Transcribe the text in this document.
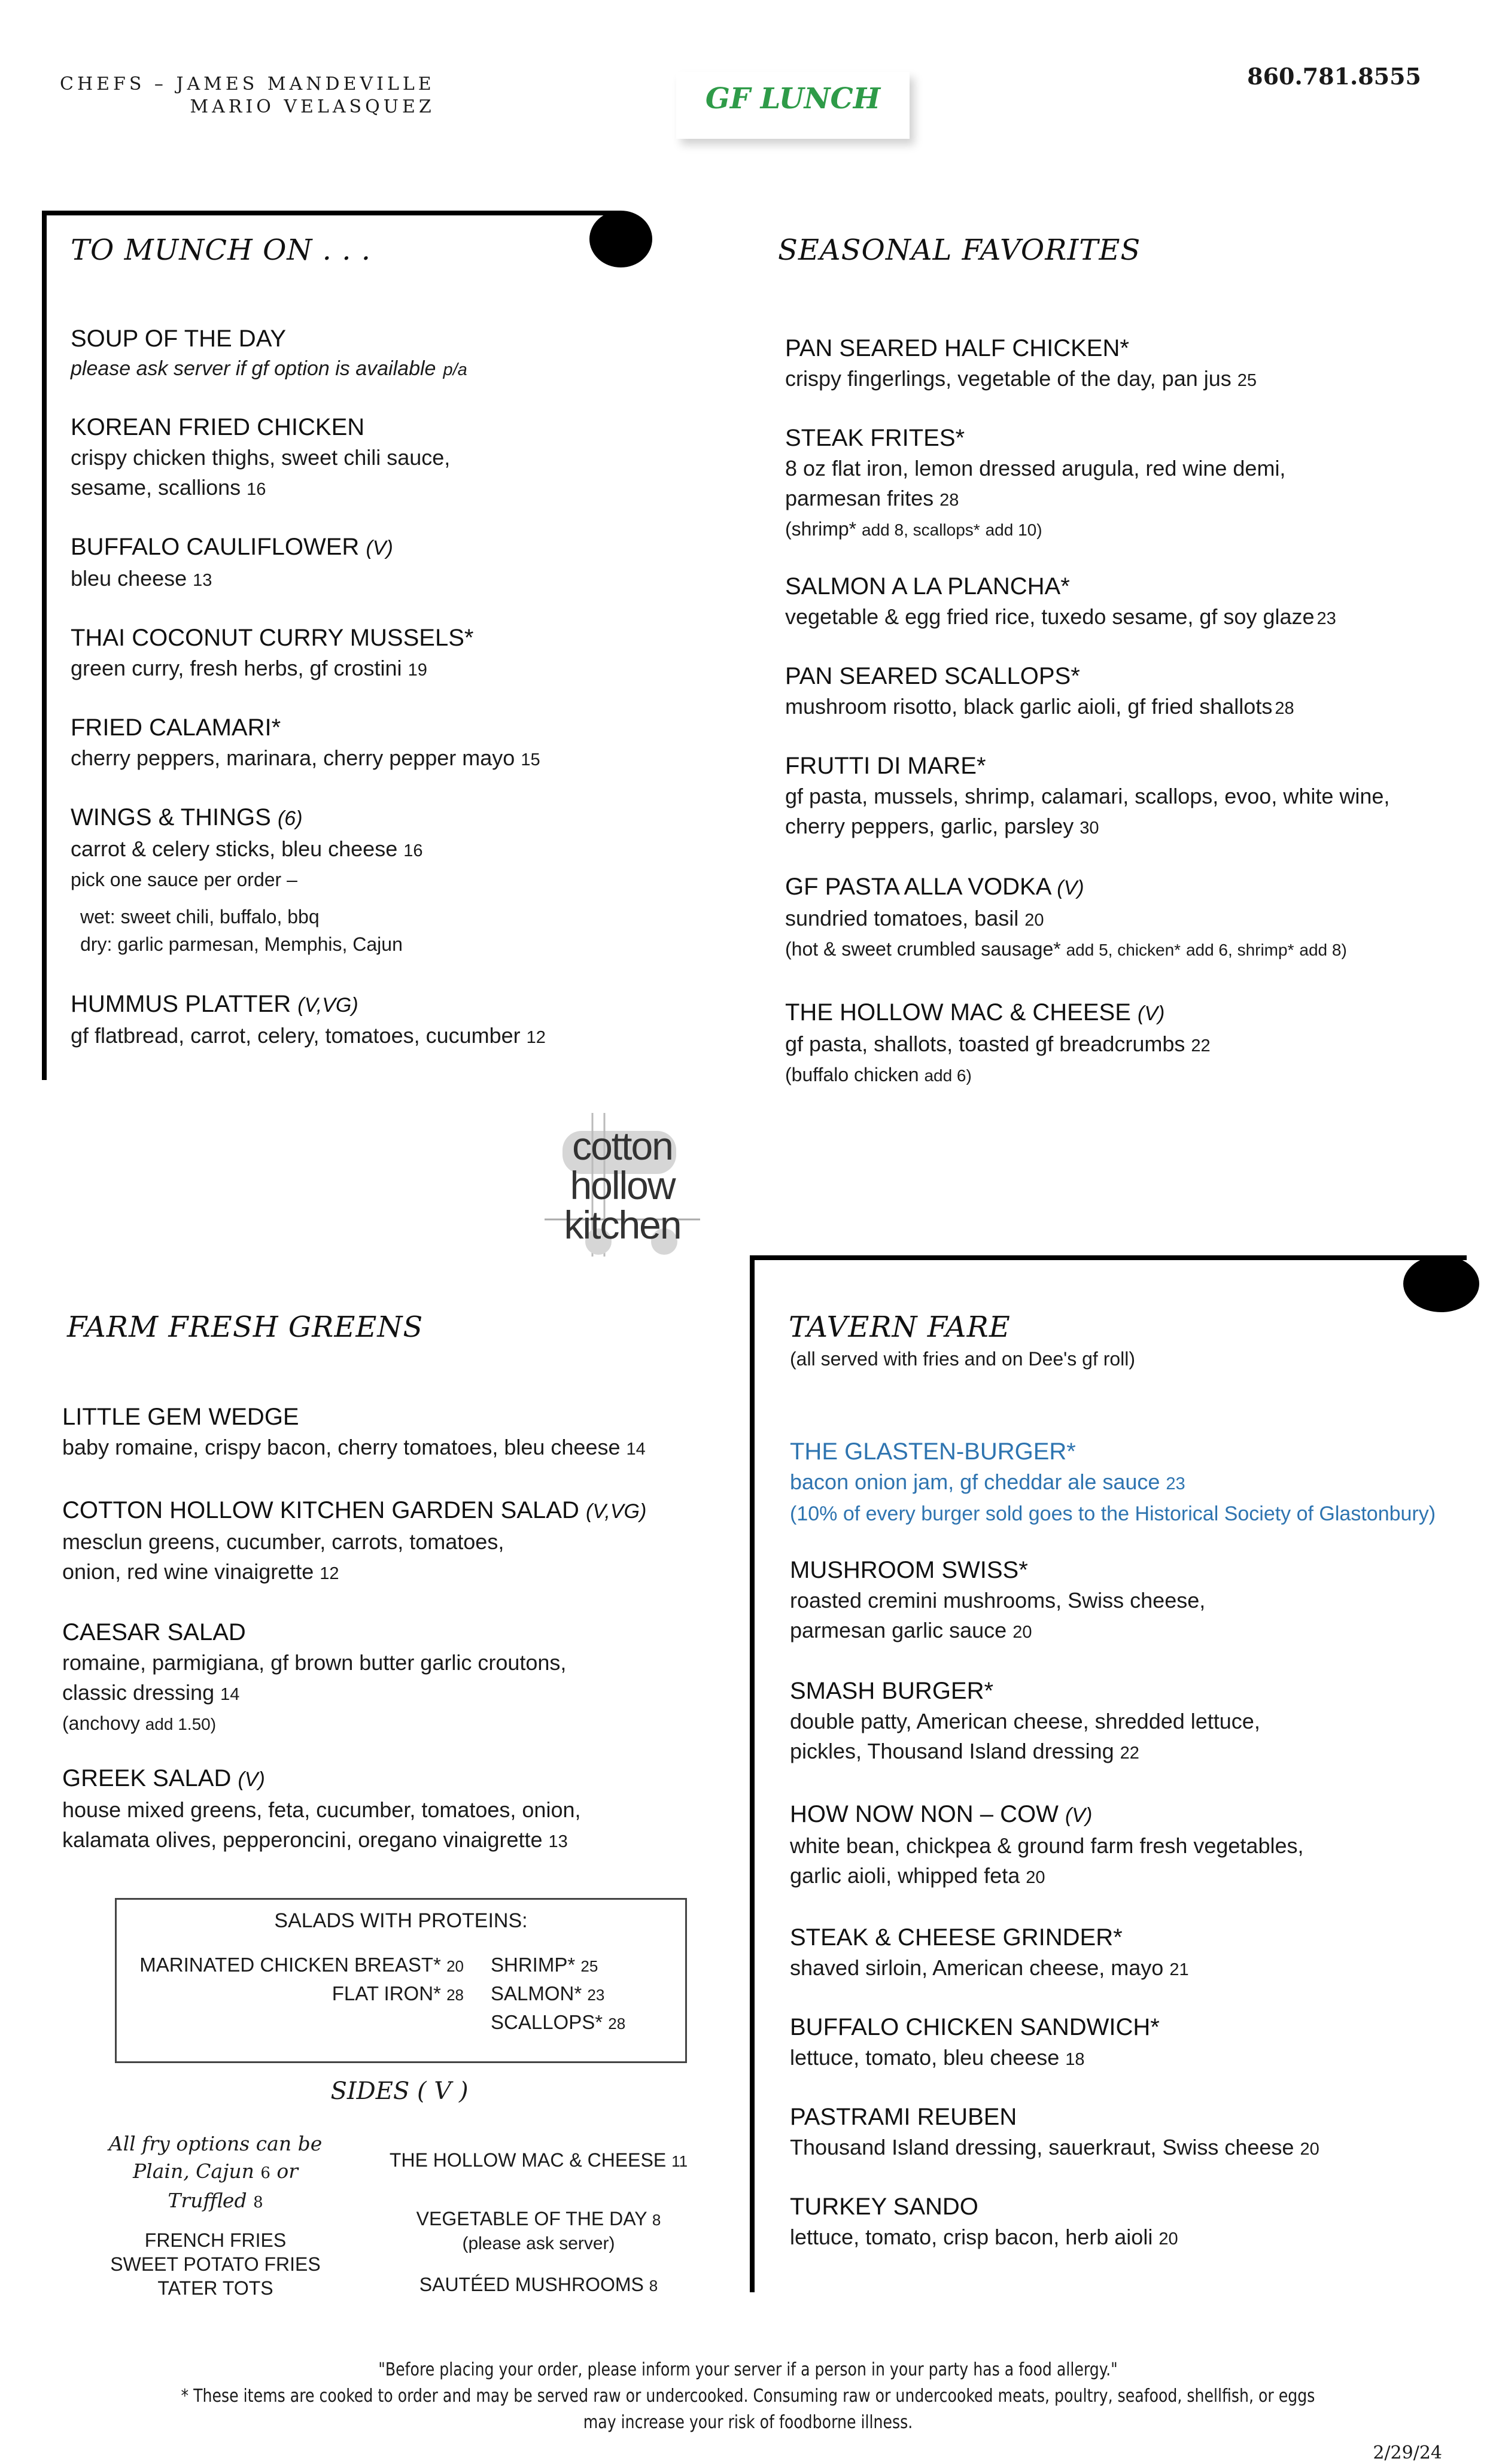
CHEFS – JAMES MANDEVILLE
MARIO VELASQUEZ	GF LUNCH
860.781.8555
TO MUNCH ON . . .
SOUP OF THE DAY
please ask server if gf option is available p/a
KOREAN FRIED CHICKEN
crispy chicken thighs, sweet chili sauce,
sesame, scallions 16
BUFFALO CAULIFLOWER (V)
bleu cheese 13
THAI COCONUT CURRY MUSSELS*
green curry, fresh herbs, gf crostini 19
FRIED CALAMARI*
cherry peppers, marinara, cherry pepper mayo 15
WINGS & THINGS (6)
carrot & celery sticks, bleu cheese 16
pick one sauce per order –
wet: sweet chili, buffalo, bbq
dry: garlic parmesan, Memphis, Cajun
HUMMUS PLATTER (V,VG)
gf flatbread, carrot, celery, tomatoes, cucumber 12
SEASONAL FAVORITES
PAN SEARED HALF CHICKEN*
crispy fingerlings, vegetable of the day, pan jus 25
STEAK FRITES*
8 oz flat iron, lemon dressed arugula, red wine demi,
parmesan frites 28
(shrimp* add 8, scallops* add 10)
SALMON A LA PLANCHA*
vegetable & egg fried rice, tuxedo sesame, gf soy glaze 23
PAN SEARED SCALLOPS*
mushroom risotto, black garlic aioli, gf fried shallots 28
FRUTTI DI MARE*
gf pasta, mussels, shrimp, calamari, scallops, evoo, white wine,
cherry peppers, garlic, parsley 30
GF PASTA ALLA VODKA (V)
sundried tomatoes, basil 20
(hot & sweet crumbled sausage* add 5, chicken* add 6, shrimp* add 8)
THE HOLLOW MAC & CHEESE (V)
gf pasta, shallots, toasted gf breadcrumbs 22
(buffalo chicken add 6)
cotton
hollow
kitchen
FARM FRESH GREENS
LITTLE GEM WEDGE
baby romaine, crispy bacon, cherry tomatoes, bleu cheese 14
COTTON HOLLOW KITCHEN GARDEN SALAD (V,VG)
mesclun greens, cucumber, carrots, tomatoes,
onion, red wine vinaigrette 12
CAESAR SALAD
romaine, parmigiana, gf brown butter garlic croutons,
classic dressing 14
(anchovy add 1.50)
GREEK SALAD (V)
house mixed greens, feta, cucumber, tomatoes, onion,
kalamata olives, pepperoncini, oregano vinaigrette 13
SALADS WITH PROTEINS:
MARINATED CHICKEN BREAST* 20
FLAT IRON* 28
SHRIMP* 25
SALMON* 23
SCALLOPS* 28
SIDES ( V )
All fry options can be
Plain, Cajun 6 or
Truffled 8
FRENCH FRIES
SWEET POTATO FRIES
TATER TOTS
THE HOLLOW MAC & CHEESE 11
VEGETABLE OF THE DAY 8
(please ask server)
SAUTÉED MUSHROOMS 8
TAVERN FARE
(all served with fries and on Dee's gf roll)
THE GLASTEN-BURGER*
bacon onion jam, gf cheddar ale sauce 23
(10% of every burger sold goes to the Historical Society of Glastonbury)
MUSHROOM SWISS*
roasted cremini mushrooms, Swiss cheese,
parmesan garlic sauce 20
SMASH BURGER*
double patty, American cheese, shredded lettuce,
pickles, Thousand Island dressing 22
HOW NOW NON – COW (V)
white bean, chickpea & ground farm fresh vegetables,
garlic aioli, whipped feta 20
STEAK & CHEESE GRINDER*
shaved sirloin, American cheese, mayo 21
BUFFALO CHICKEN SANDWICH*
lettuce, tomato, bleu cheese 18
PASTRAMI REUBEN
Thousand Island dressing, sauerkraut, Swiss cheese 20
TURKEY SANDO
lettuce, tomato, crisp bacon, herb aioli 20
"Before placing your order, please inform your server if a person in your party has a food allergy."
* These items are cooked to order and may be served raw or undercooked. Consuming raw or undercooked meats, poultry, seafood, shellfish, or eggs
may increase your risk of foodborne illness.
2/29/24
